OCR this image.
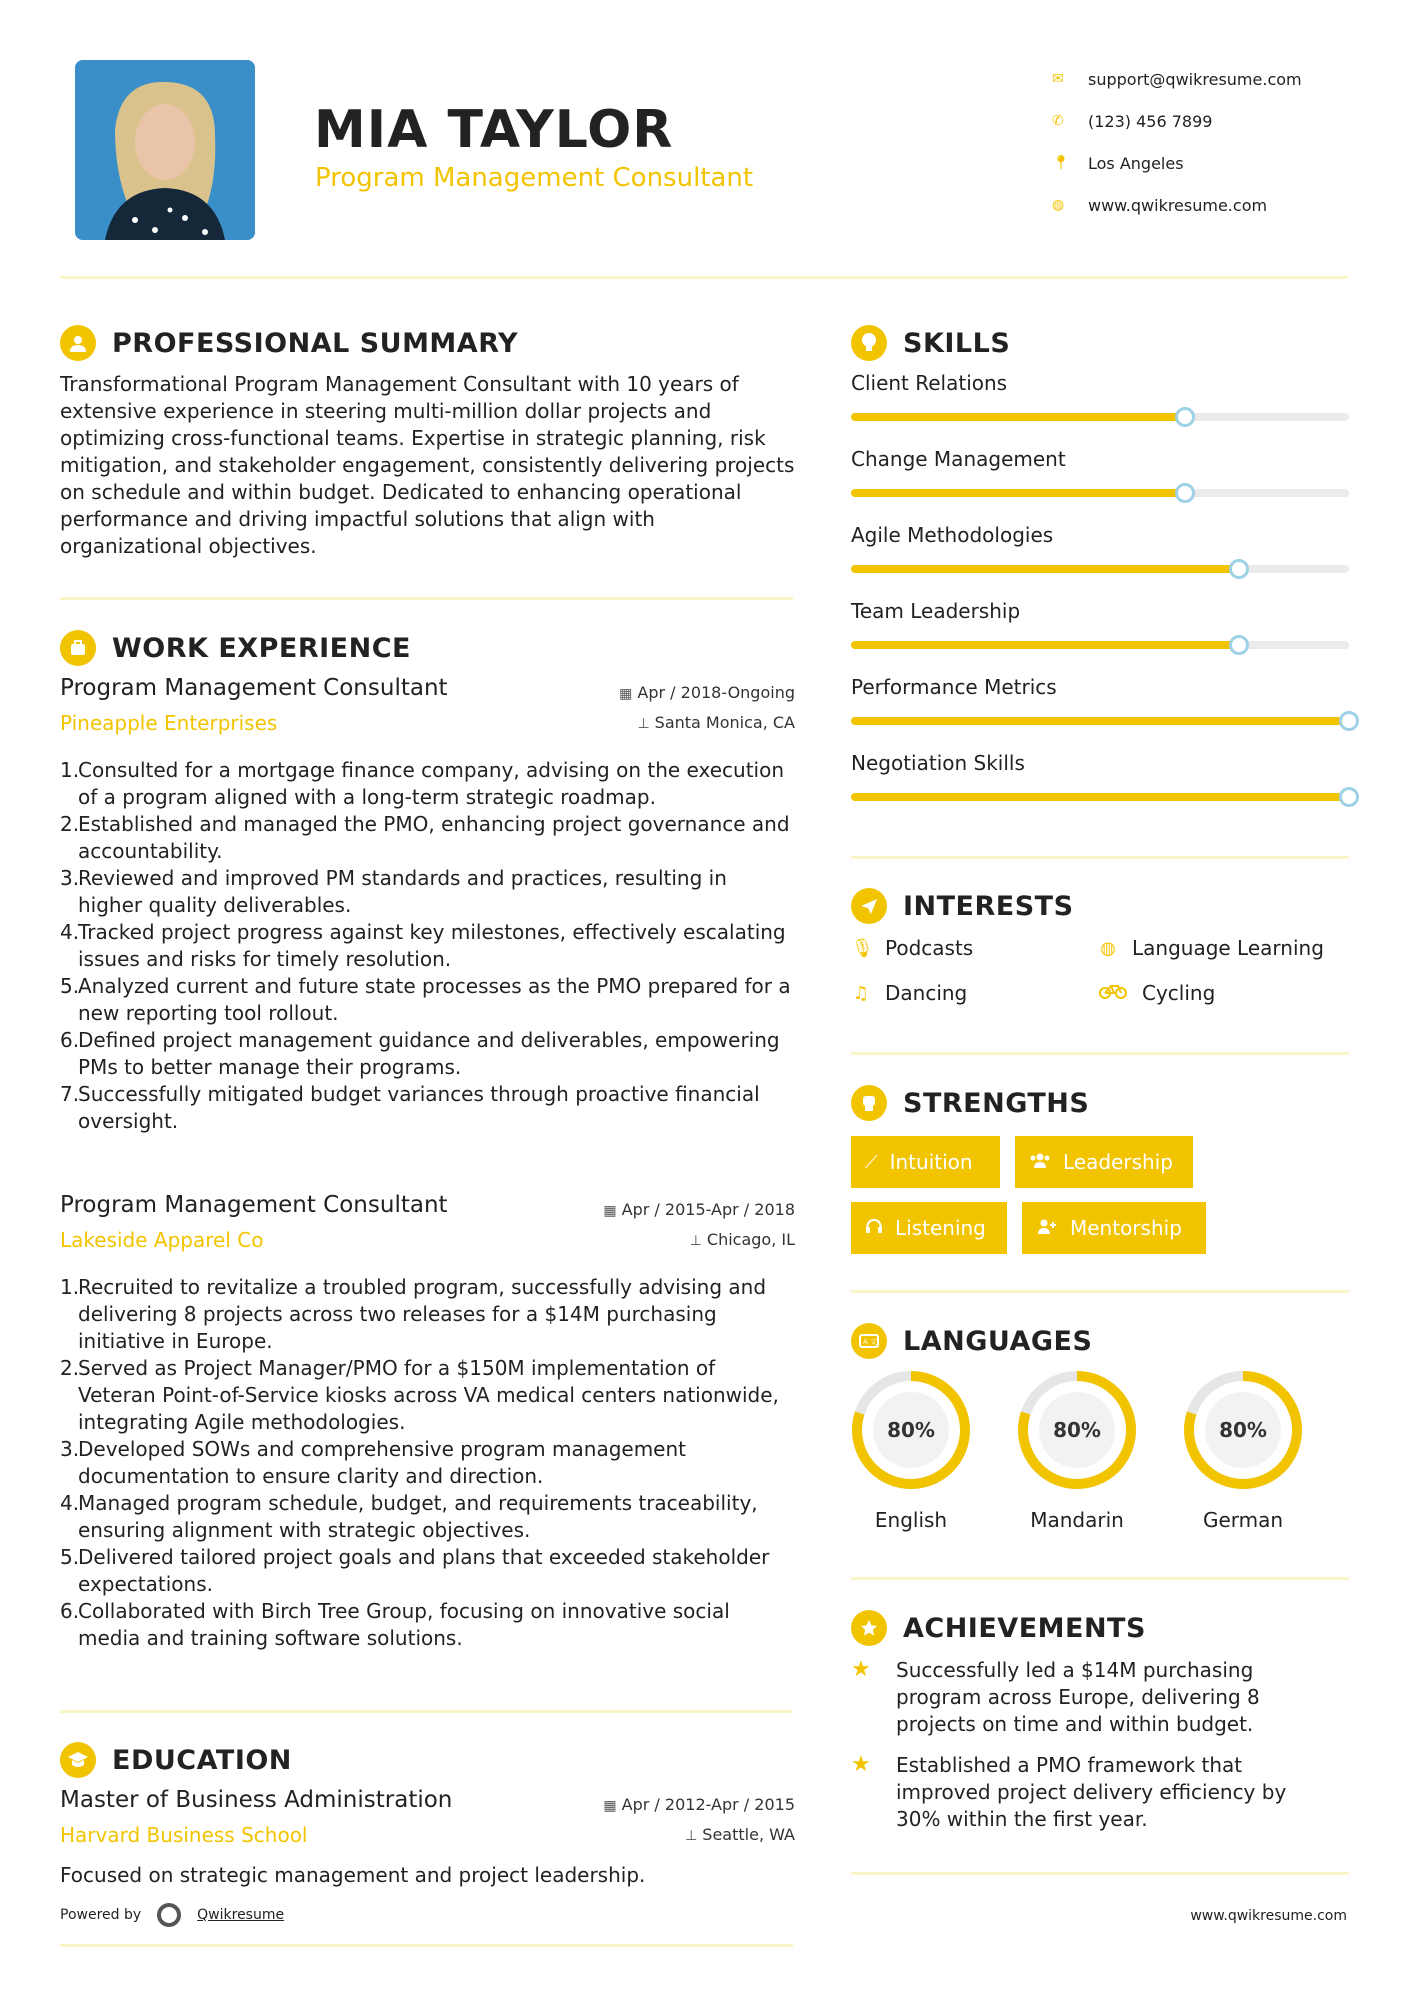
MIA TAYLOR
Program Management Consultant
✉	support@qwikresume.com
✆	(123) 456 7899
📍︎	Los Angeles
◍	www.qwikresume.com
PROFESSIONAL SUMMARY
Transformational Program Management Consultant with 10 years of extensive experience in steering multi-million dollar projects and optimizing cross-functional teams. Expertise in strategic planning, risk mitigation, and stakeholder engagement, consistently delivering projects on schedule and within budget. Dedicated to enhancing operational performance and driving impactful solutions that align with organizational objectives.
WORK EXPERIENCE
Program Management Consultant	▦ Apr / 2018-Ongoing
Pineapple Enterprises	⊥ Santa Monica, CA
1.Consulted for a mortgage finance company, advising on the execution of a program aligned with a long-term strategic roadmap.
2.Established and managed the PMO, enhancing project governance and accountability.
3.Reviewed and improved PM standards and practices, resulting in higher quality deliverables.
4.Tracked project progress against key milestones, effectively escalating issues and risks for timely resolution.
5.Analyzed current and future state processes as the PMO prepared for a new reporting tool rollout.
6.Defined project management guidance and deliverables, empowering PMs to better manage their programs.
7.Successfully mitigated budget variances through proactive financial oversight.
Program Management Consultant	▦ Apr / 2015-Apr / 2018
Lakeside Apparel Co	⊥ Chicago, IL
1.Recruited to revitalize a troubled program, successfully advising and delivering 8 projects across two releases for a $14M purchasing initiative in Europe.
2.Served as Project Manager/PMO for a $150M implementation of Veteran Point-of-Service kiosks across VA medical centers nationwide, integrating Agile methodologies.
3.Developed SOWs and comprehensive program management documentation to ensure clarity and direction.
4.Managed program schedule, budget, and requirements traceability, ensuring alignment with strategic objectives.
5.Delivered tailored project goals and plans that exceeded stakeholder expectations.
6.Collaborated with Birch Tree Group, focusing on innovative social media and training software solutions.
EDUCATION
Master of Business Administration	▦ Apr / 2012-Apr / 2015
Harvard Business School	⊥ Seattle, WA
Focused on strategic management and project leadership.
Powered by	Qwikresume	www.qwikresume.com
SKILLS
Client Relations
Change Management
Agile Methodologies
Team Leadership
Performance Metrics
Negotiation Skills
INTERESTS
🎙︎ Podcasts	◍ Language Learning
♫ Dancing	Cycling
STRENGTHS
⟋ Intuition	Leadership
Listening	Mentorship
A 文 LANGUAGES
80%
English
80%
Mandarin
80%
German
ACHIEVEMENTS
★	Successfully led a $14M purchasing program across Europe, delivering 8 projects on time and within budget.
★	Established a PMO framework that improved project delivery efficiency by 30% within the first year.
